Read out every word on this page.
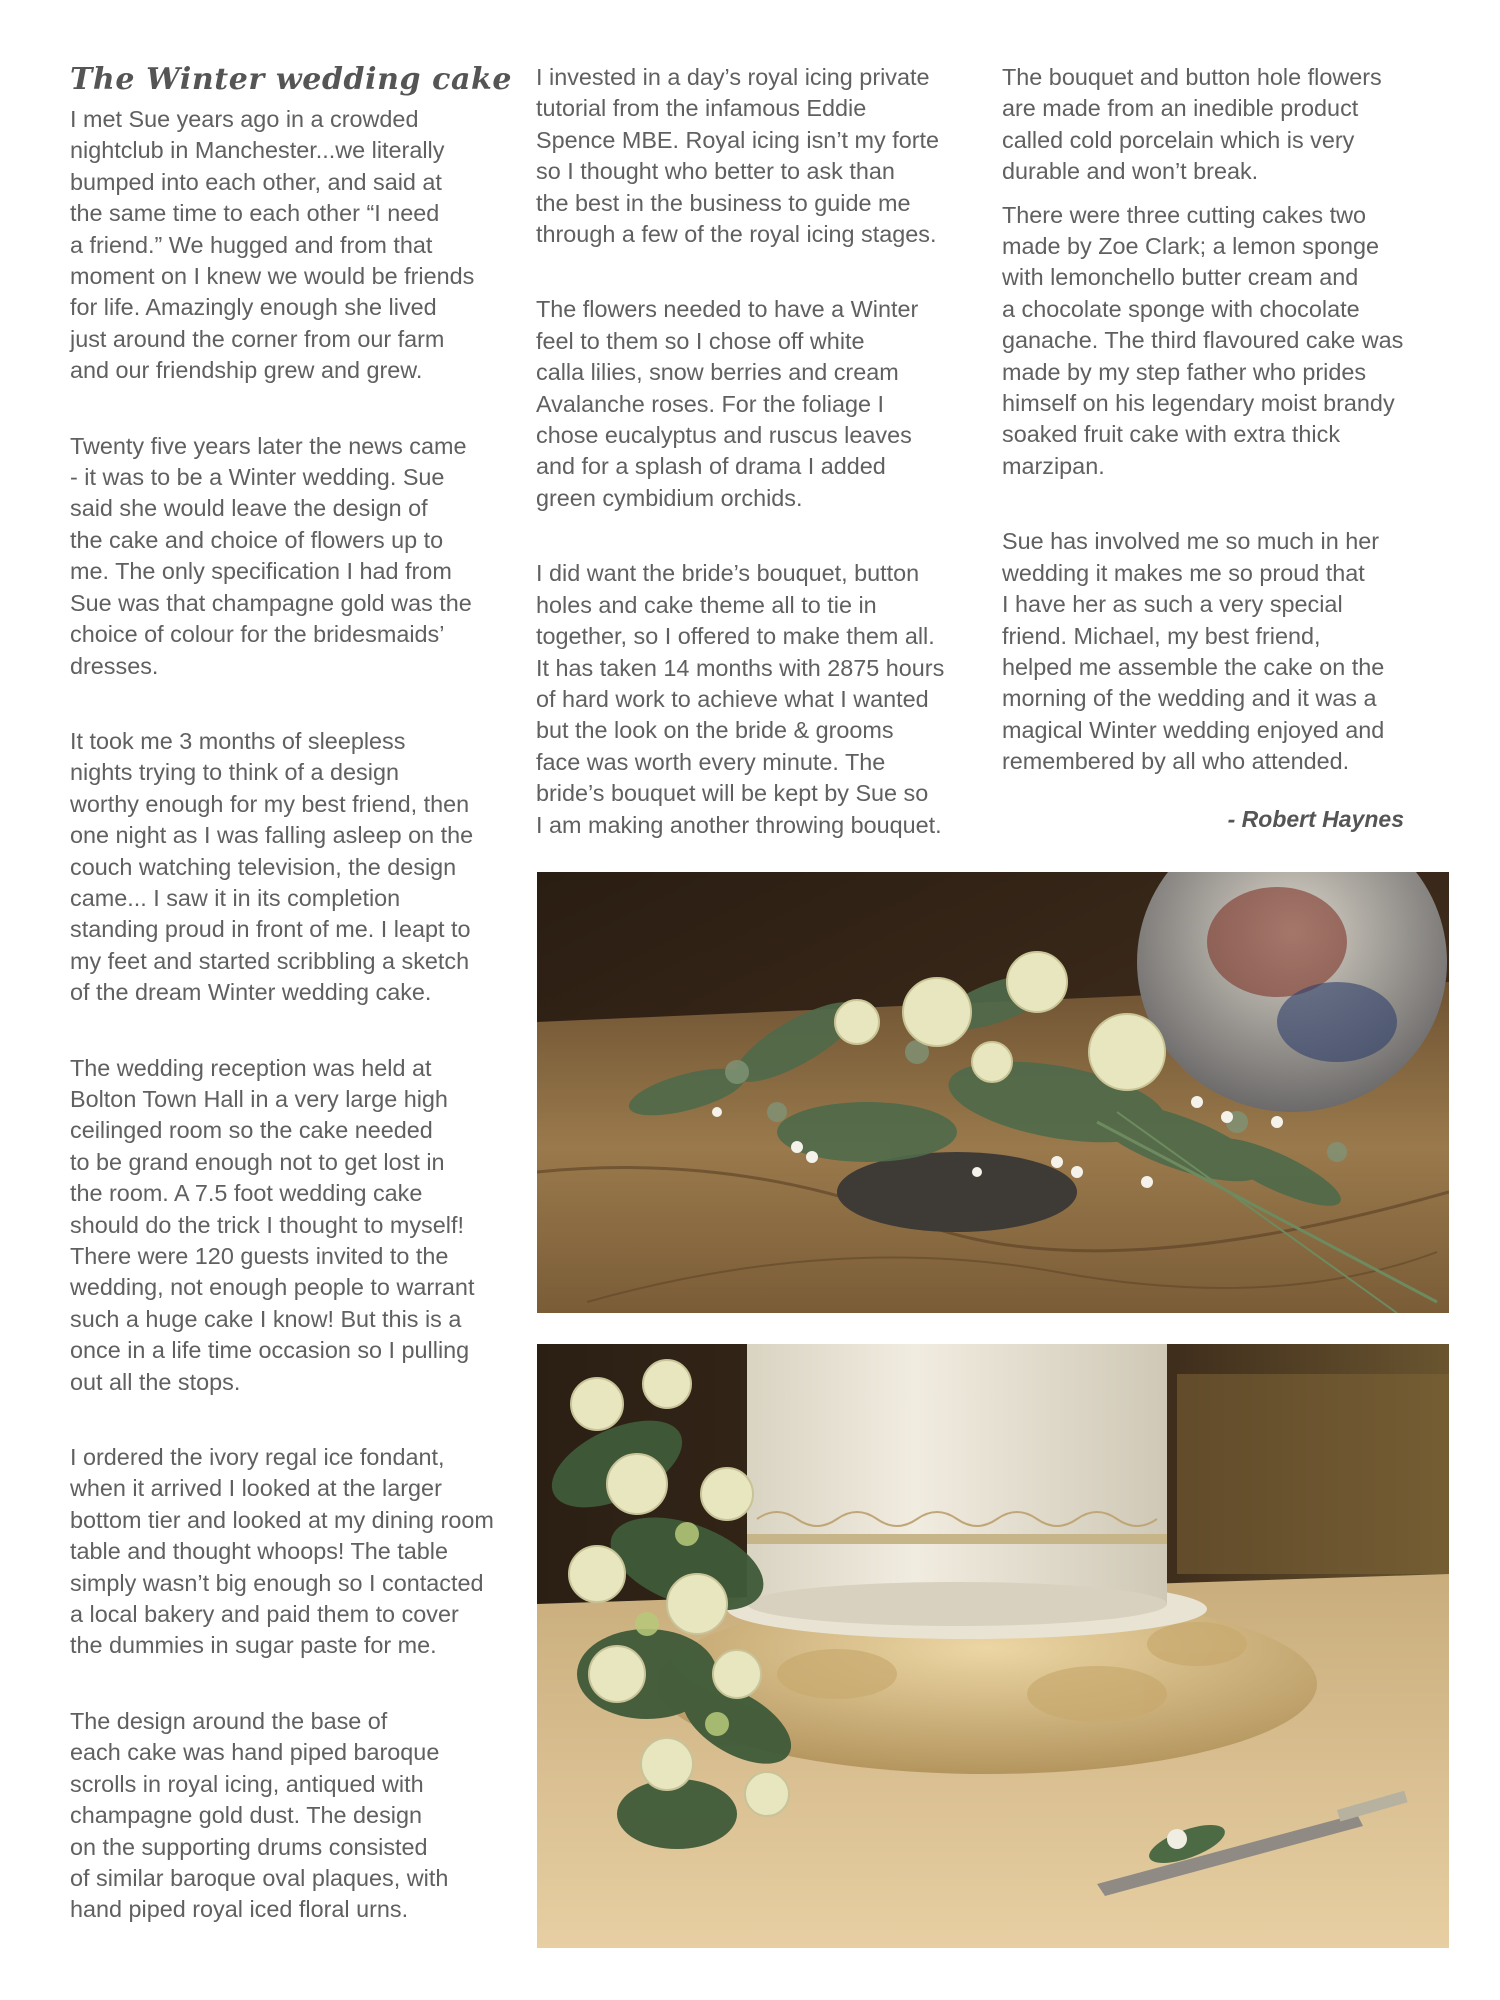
The Winter wedding cake

I met Sue years ago in a crowded
nightclub in Manchester...we literally
bumped into each other, and said at
the same time to each other “I need
a friend.” We hugged and from that
moment on I knew we would be friends
for life. Amazingly enough she lived
just around the corner from our farm
and our friendship grew and grew.

Twenty five years later the news came
- it was to be a Winter wedding. Sue
said she would leave the design of
the cake and choice of flowers up to
me. The only specification I had from
Sue was that champagne gold was the
choice of colour for the bridesmaids’
dresses.

It took me 3 months of sleepless
nights trying to think of a design
worthy enough for my best friend, then
one night as I was falling asleep on the
couch watching television, the design
came... I saw it in its completion
standing proud in front of me. I leapt to
my feet and started scribbling a sketch
of the dream Winter wedding cake.

The wedding reception was held at
Bolton Town Hall in a very large high
ceilinged room so the cake needed
to be grand enough not to get lost in
the room. A 7.5 foot wedding cake
should do the trick I thought to myself!
There were 120 guests invited to the
wedding, not enough people to warrant
such a huge cake I know! But this is a
once in a life time occasion so I pulling
out all the stops.

I ordered the ivory regal ice fondant,
when it arrived I looked at the larger
bottom tier and looked at my dining room
table and thought whoops! The table
simply wasn’t big enough so I contacted
a local bakery and paid them to cover
the dummies in sugar paste for me.

The design around the base of
each cake was hand piped baroque
scrolls in royal icing, antiqued with
champagne gold dust. The design
on the supporting drums consisted
of similar baroque oval plaques, with
hand piped royal iced floral urns.

I invested in a day’s royal icing private
tutorial from the infamous Eddie
Spence MBE. Royal icing isn’t my forte
so I thought who better to ask than
the best in the business to guide me
through a few of the royal icing stages.

The flowers needed to have a Winter
feel to them so I chose off white
calla lilies, snow berries and cream
Avalanche roses. For the foliage I
chose eucalyptus and ruscus leaves
and for a splash of drama I added
green cymbidium orchids.

I did want the bride’s bouquet, button
holes and cake theme all to tie in
together, so I offered to make them all.
It has taken 14 months with 2875 hours
of hard work to achieve what I wanted
but the look on the bride & grooms
face was worth every minute. The
bride’s bouquet will be kept by Sue so
I am making another throwing bouquet.

The bouquet and button hole flowers
are made from an inedible product
called cold porcelain which is very
durable and won’t break.

There were three cutting cakes two
made by Zoe Clark; a lemon sponge
with lemonchello butter cream and
a chocolate sponge with chocolate
ganache. The third flavoured cake was
made by my step father who prides
himself on his legendary moist brandy
soaked fruit cake with extra thick
marzipan.

Sue has involved me so much in her
wedding it makes me so proud that
I have her as such a very special
friend. Michael, my best friend,
helped me assemble the cake on the
morning of the wedding and it was a
magical Winter wedding enjoyed and
remembered by all who attended.

- Robert Haynes
